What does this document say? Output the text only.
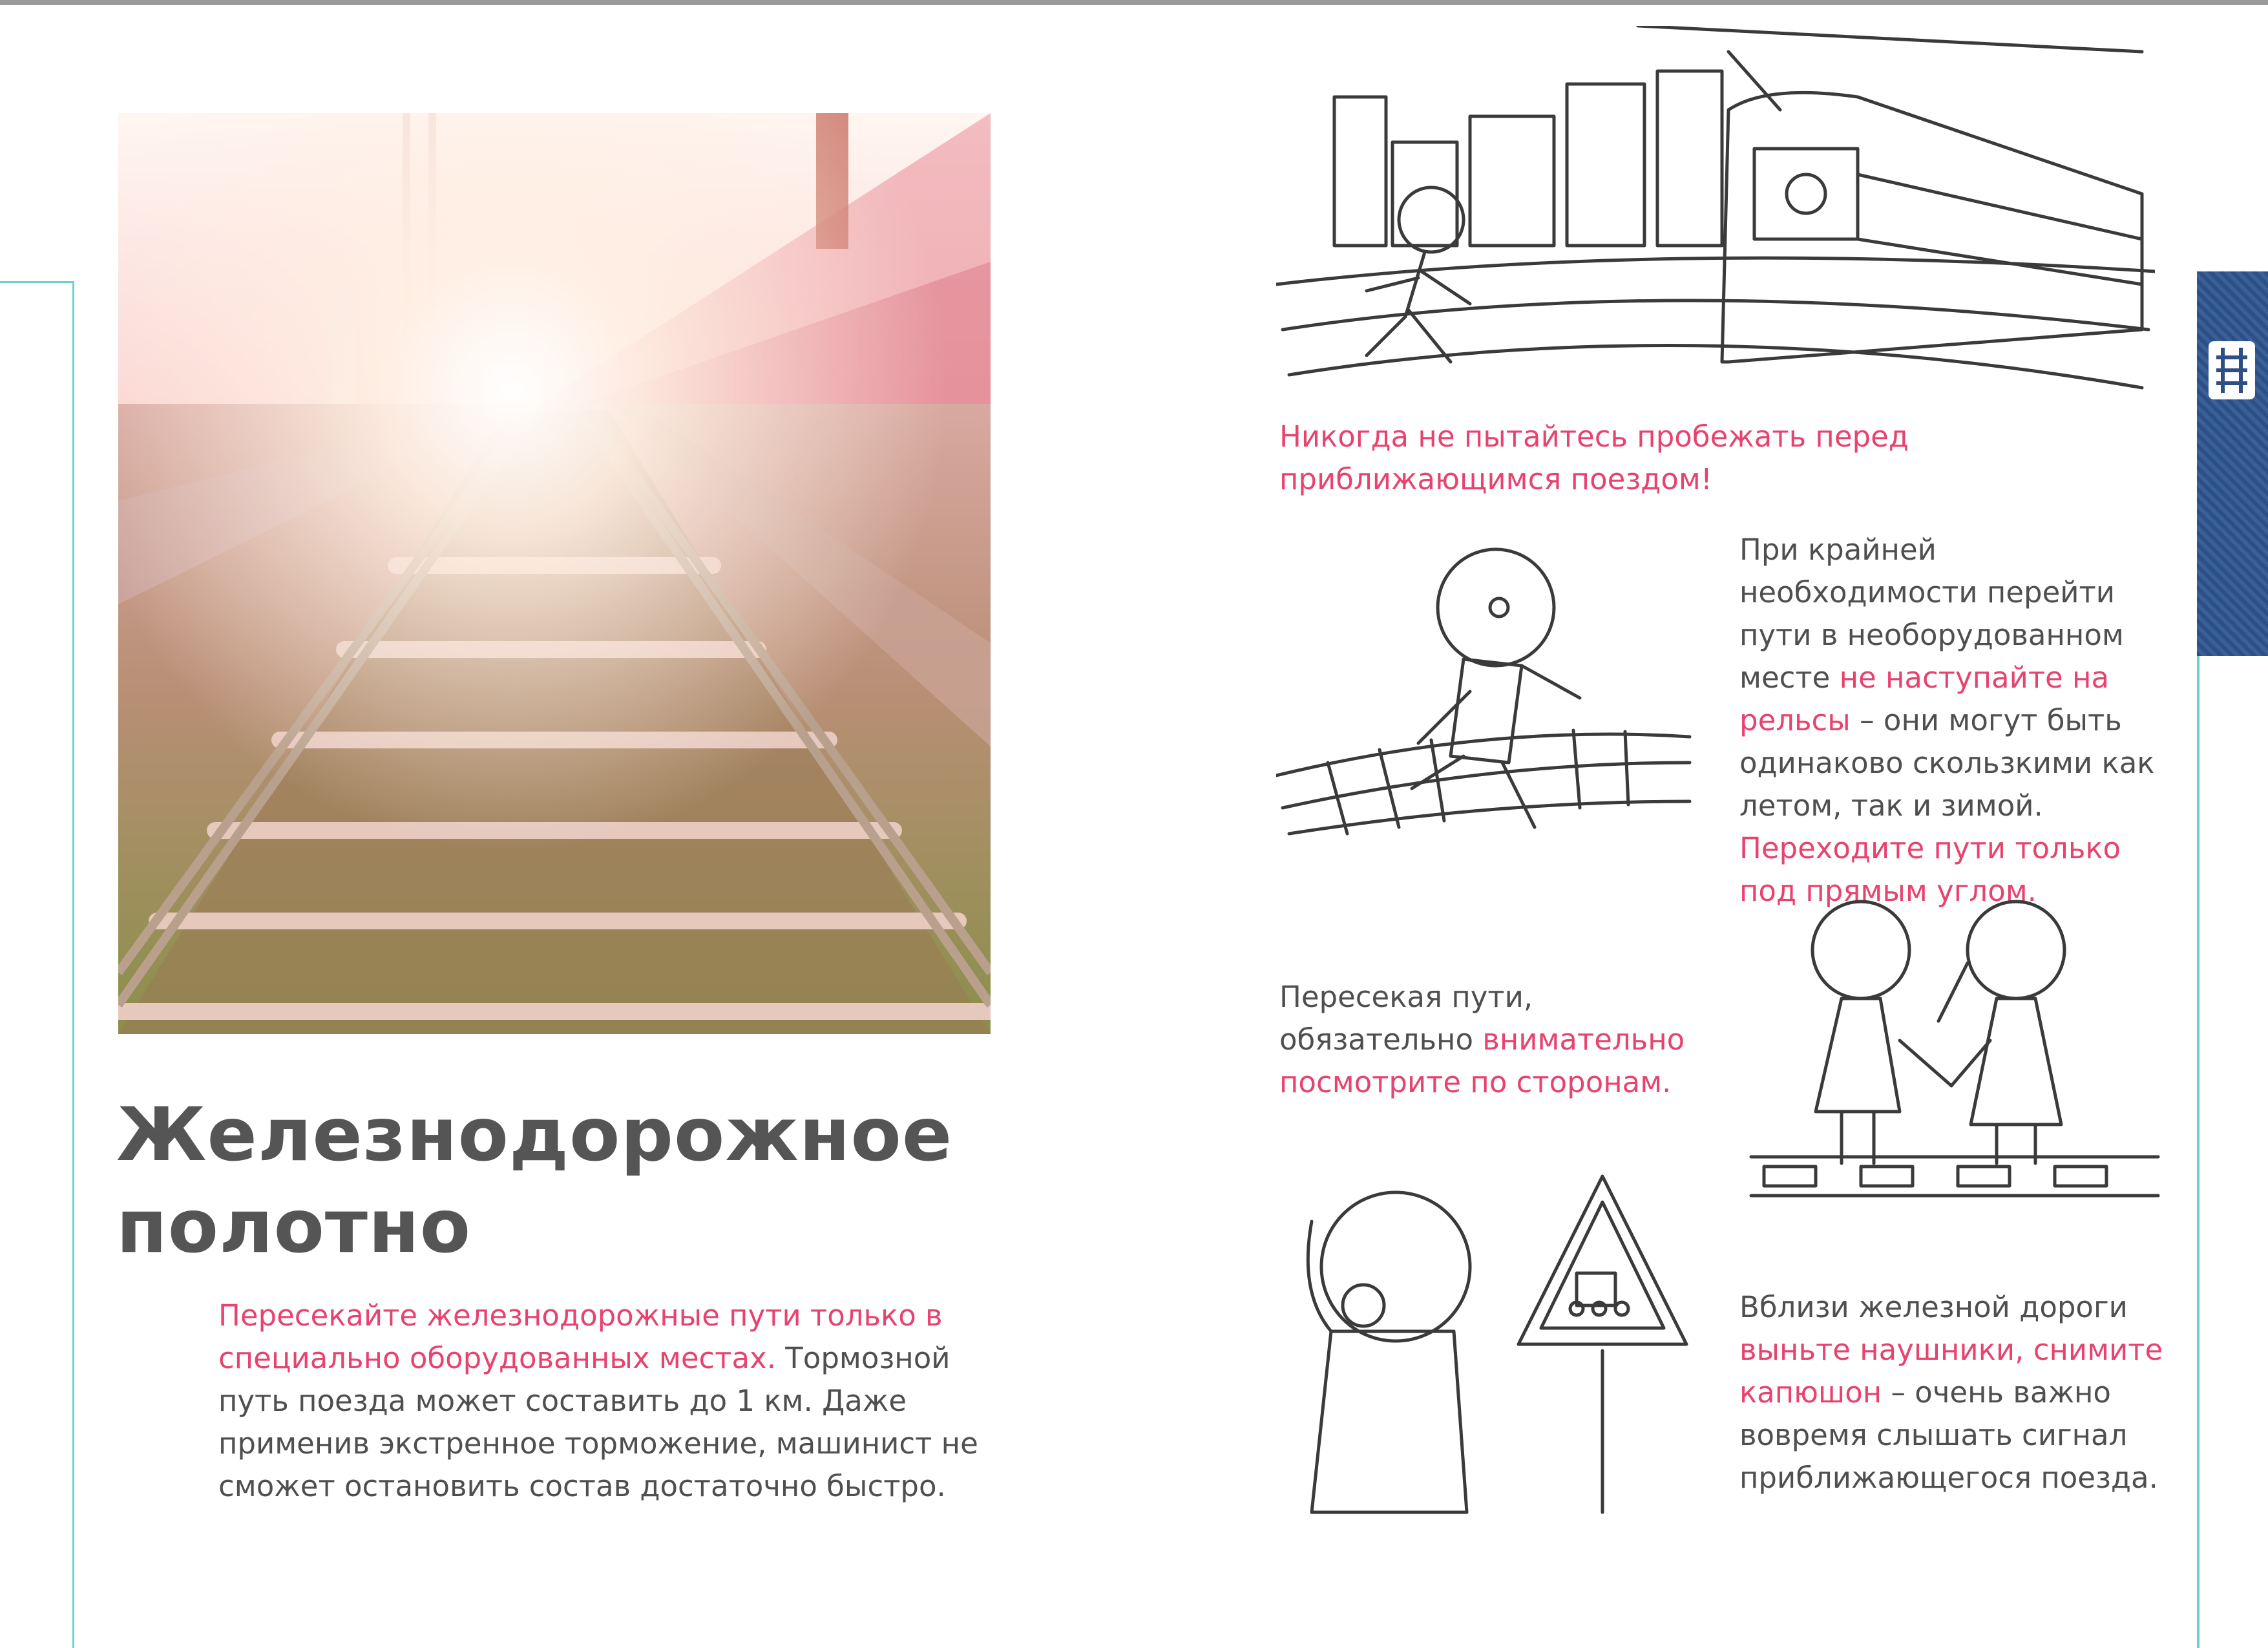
Железнодорожное
полотно

Пересекайте железнодорожные пути только в специально оборудованных местах. Тормозной путь поезда может составить до 1 км. Даже применив экстренное торможение, машинист не сможет остановить состав достаточно быстро.

Никогда не пытайтесь пробежать перед приближающимся поездом!

При крайней необходимости перейти пути в необорудованном месте не наступайте на рельсы – они могут быть одинаково скользкими как летом, так и зимой. Переходите пути только под прямым углом.

Пересекая пути, обязательно внимательно посмотрите по сторонам.

Вблизи железной дороги выньте наушники, снимите капюшон – очень важно вовремя слышать сигнал приближающегося поезда.
